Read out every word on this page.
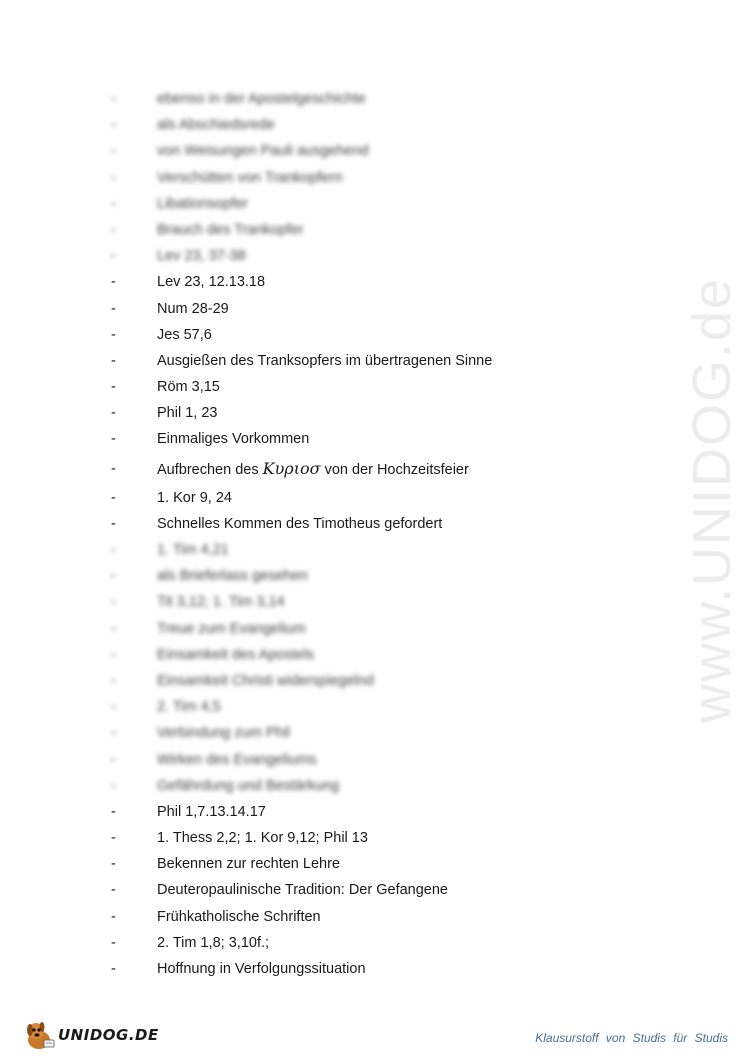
www.UNIDOG.de
-	ebenso in der Apostelgeschichte
-	als Abschiedsrede
-	von Weisungen Pauli ausgehend
-	Verschütten von Trankopfern
-	Libationsopfer
-	Brauch des Trankopfer
-	Lev 23, 37-38
-	Lev 23, 12.13.18
-	Num 28-29
-	Jes 57,6
-	Ausgießen des Tranksopfers im übertragenen Sinne
-	Röm 3,15
-	Phil 1, 23
-	Einmaliges Vorkommen
-	Aufbrechen des Κυριοσ von der Hochzeitsfeier
-	1. Kor 9, 24
-	Schnelles Kommen des Timotheus gefordert
-	1. Tim 4,21
-	als Brieferlass gesehen
-	Tit 3,12; 1. Tim 3,14
-	Treue zum Evangelium
-	Einsamkeit des Apostels
-	Einsamkeit Christi widerspiegelnd
-	2. Tim 4,5
-	Verbindung zum Phil
-	Wirken des Evangeliums
-	Gefährdung und Bestärkung
-	Phil 1,7.13.14.17
-	1. Thess 2,2; 1. Kor 9,12; Phil 13
-	Bekennen zur rechten Lehre
-	Deuteropaulinische Tradition: Der Gefangene
-	Frühkatholische Schriften
-	2. Tim 1,8; 3,10f.;
-	Hoffnung in Verfolgungssituation
UNIDOG.DE	Klausurstoff von Studis für Studis
